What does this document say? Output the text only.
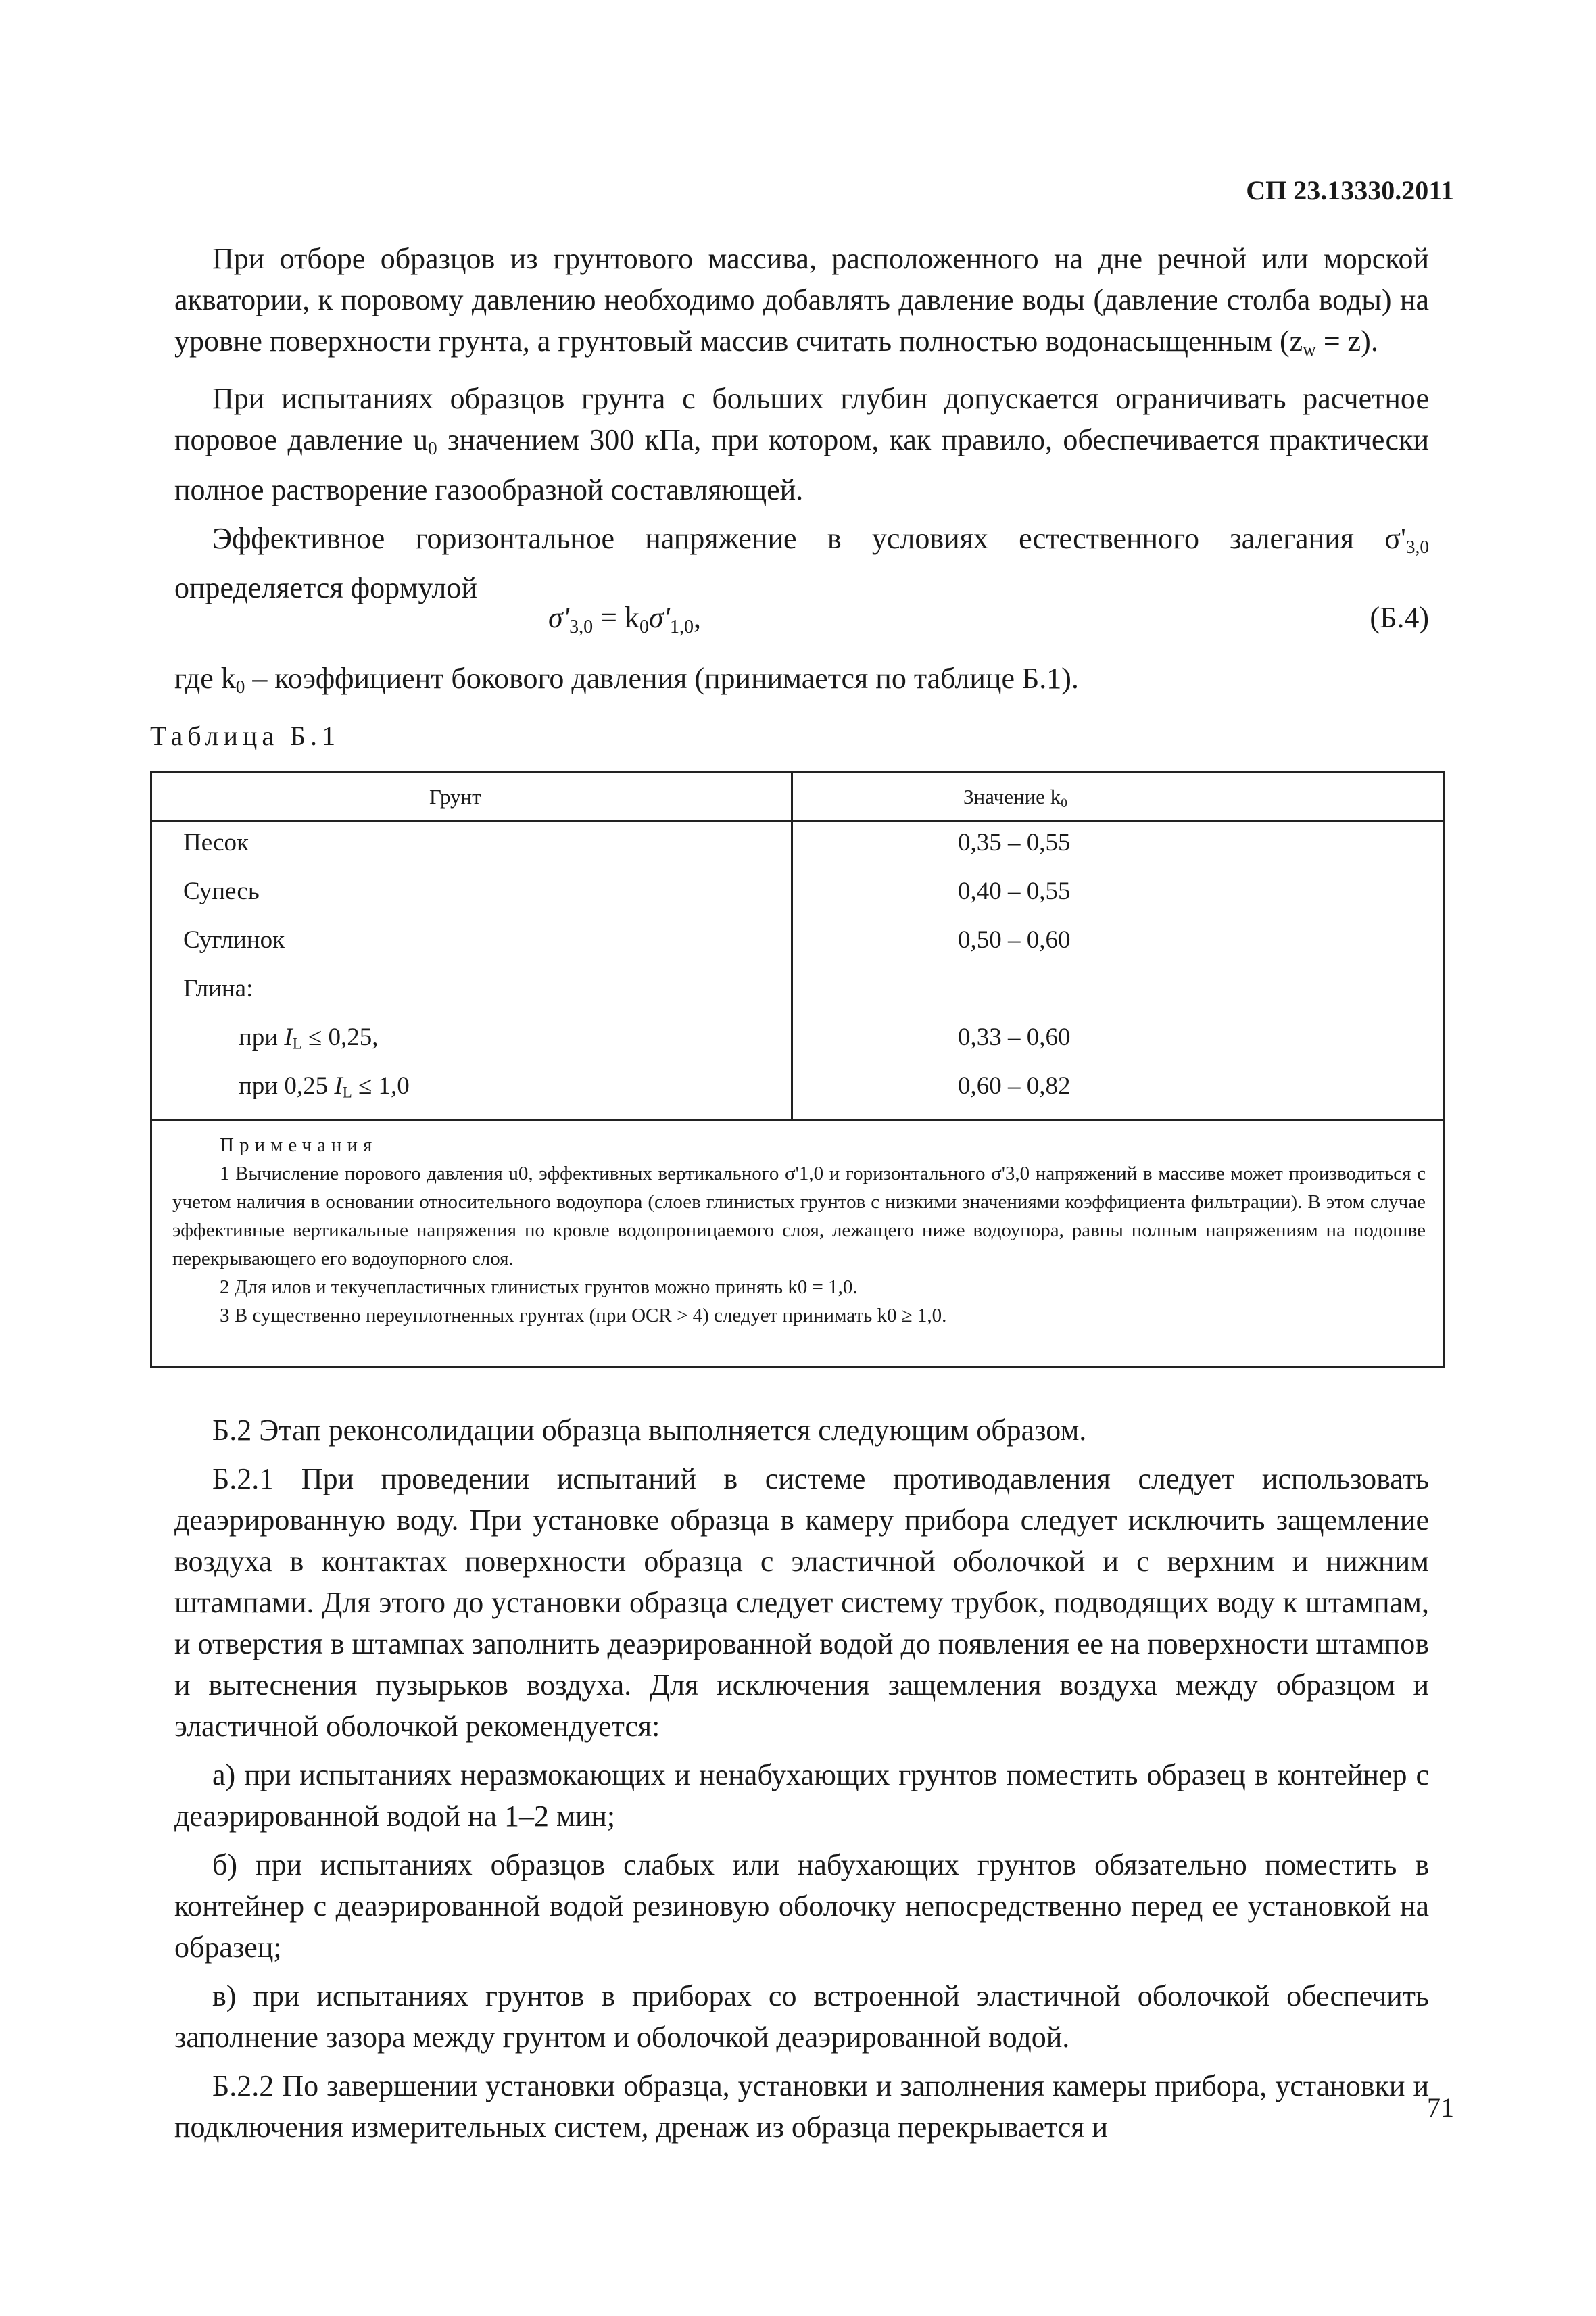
СП 23.13330.2011

При отборе образцов из грунтового массива, расположенного на дне речной или морской акватории, к поровому давлению необходимо добавлять давление воды (давление столба воды) на уровне поверхности грунта, а грунтовый массив считать полностью водонасыщенным $(z_w = z)$.

При испытаниях образцов грунта с больших глубин допускается ограничивать расчетное поровое давление $u_0$ значением 300 кПа, при котором, как правило, обеспечивается практически полное растворение газообразной составляющей.

Эффективное горизонтальное напряжение в условиях естественного залегания $\sigma'_{3,0}$ определяется формулой

$\sigma'_{3,0} = k_0\sigma'_{1,0}$,	(Б.4)
где $k_0$ – коэффициент бокового давления (принимается по таблице Б.1).
Таблица Б.1
Грунт	Значение $k_0$
Песок	0,35 – 0,55
Супесь	0,40 – 0,55
Суглинок	0,50 – 0,60
Глина:
при $I_L \le 0,25$,	0,33 – 0,60
при 0,25 $I_L \le 1,0$	0,60 – 0,82
Примечания

1 Вычисление порового давления u0, эффективных вертикального σ'1,0 и горизонтального σ'3,0 напряжений в массиве может производиться с учетом наличия в основании относительного водоупора (слоев глинистых грунтов с низкими значениями коэффициента фильтрации). В этом случае эффективные вертикальные напряжения по кровле водопроницаемого слоя, лежащего ниже водоупора, равны полным напряжениям на подошве перекрывающего его водоупорного слоя.

2 Для илов и текучепластичных глинистых грунтов можно принять k0 = 1,0.

3 В существенно переуплотненных грунтах (при OCR > 4) следует принимать k0 ≥ 1,0.

Б.2 Этап реконсолидации образца выполняется следующим образом.

Б.2.1 При проведении испытаний в системе противодавления следует использовать деаэрированную воду. При установке образца в камеру прибора следует исключить защемление воздуха в контактах поверхности образца с эластичной оболочкой и с верхним и нижним штампами. Для этого до установки образца следует систему трубок, подводящих воду к штампам, и отверстия в штампах заполнить деаэрированной водой до появления ее на поверхности штампов и вытеснения пузырьков воздуха. Для исключения защемления воздуха между образцом и эластичной оболочкой рекомендуется:

а) при испытаниях неразмокающих и ненабухающих грунтов поместить образец в контейнер с деаэрированной водой на 1–2 мин;

б) при испытаниях образцов слабых или набухающих грунтов обязательно поместить в контейнер с деаэрированной водой резиновую оболочку непосредственно перед ее установкой на образец;

в) при испытаниях грунтов в приборах со встроенной эластичной оболочкой обеспечить заполнение зазора между грунтом и оболочкой деаэрированной водой.

Б.2.2 По завершении установки образца, установки и заполнения камеры прибора, установки и подключения измерительных систем, дренаж из образца перекрывается и

71
